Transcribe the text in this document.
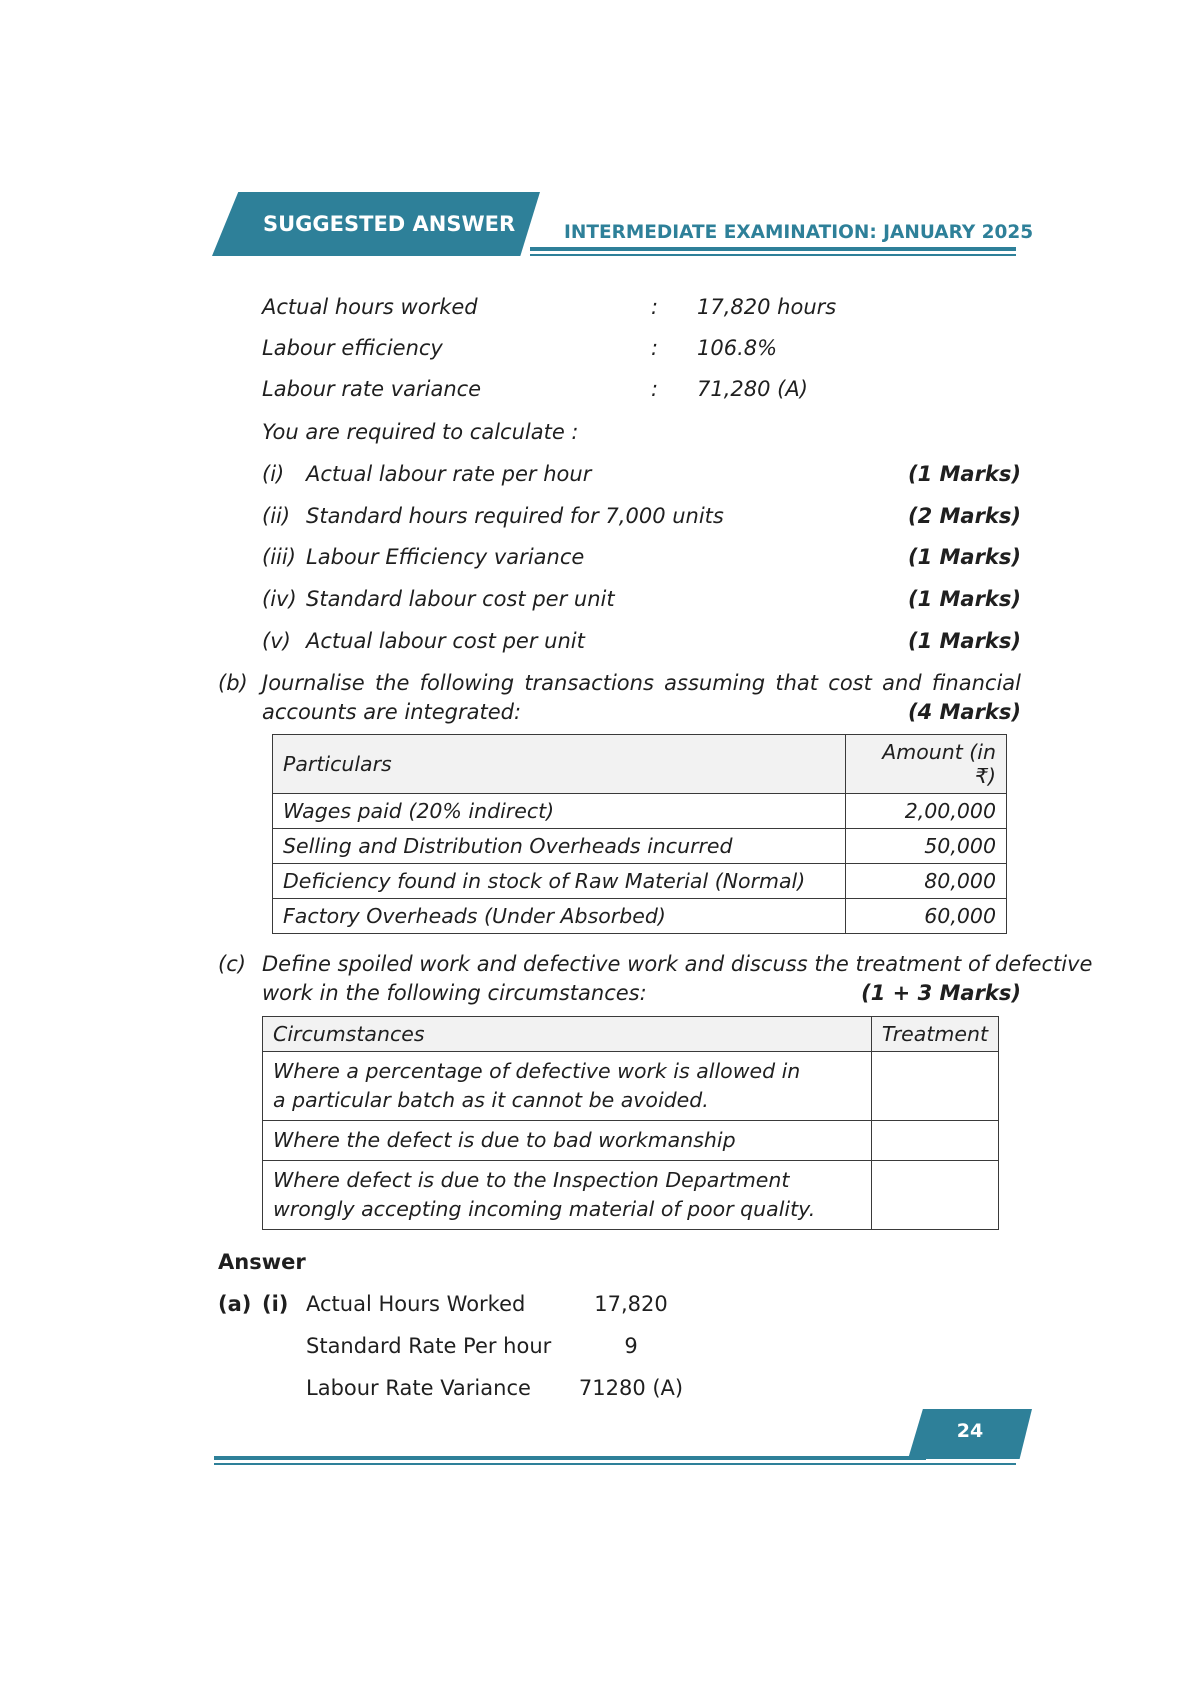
SUGGESTED ANSWER	INTERMEDIATE EXAMINATION: JANUARY 2025
Actual hours worked	: 17,820 hours
Labour efficiency	: 106.8%
Labour rate variance	: 71,280 (A)
You are required to calculate :
(i) Actual labour rate per hour	(1 Marks)
(ii) Standard hours required for 7,000 units	(2 Marks)
(iii) Labour Efficiency variance	(1 Marks)
(iv) Standard labour cost per unit	(1 Marks)
(v) Actual labour cost per unit	(1 Marks)
(b) Journalise the following transactions assuming that cost and financial
accounts are integrated:	(4 Marks)
Particulars	Amount (in ₹)
Wages paid (20% indirect)	2,00,000
Selling and Distribution Overheads incurred	50,000
Deficiency found in stock of Raw Material (Normal)	80,000
Factory Overheads (Under Absorbed)	60,000
(c) Define spoiled work and defective work and discuss the treatment of defective
work in the following circumstances:	(1 + 3 Marks)
Circumstances	Treatment
Where a percentage of defective work is allowed in a particular batch as it cannot be avoided.	
Where the defect is due to bad workmanship	
Where defect is due to the Inspection Department wrongly accepting incoming material of poor quality.	
Answer
(a) (i) Actual Hours Worked	17,820
Standard Rate Per hour	9
Labour Rate Variance	71280 (A)
24
